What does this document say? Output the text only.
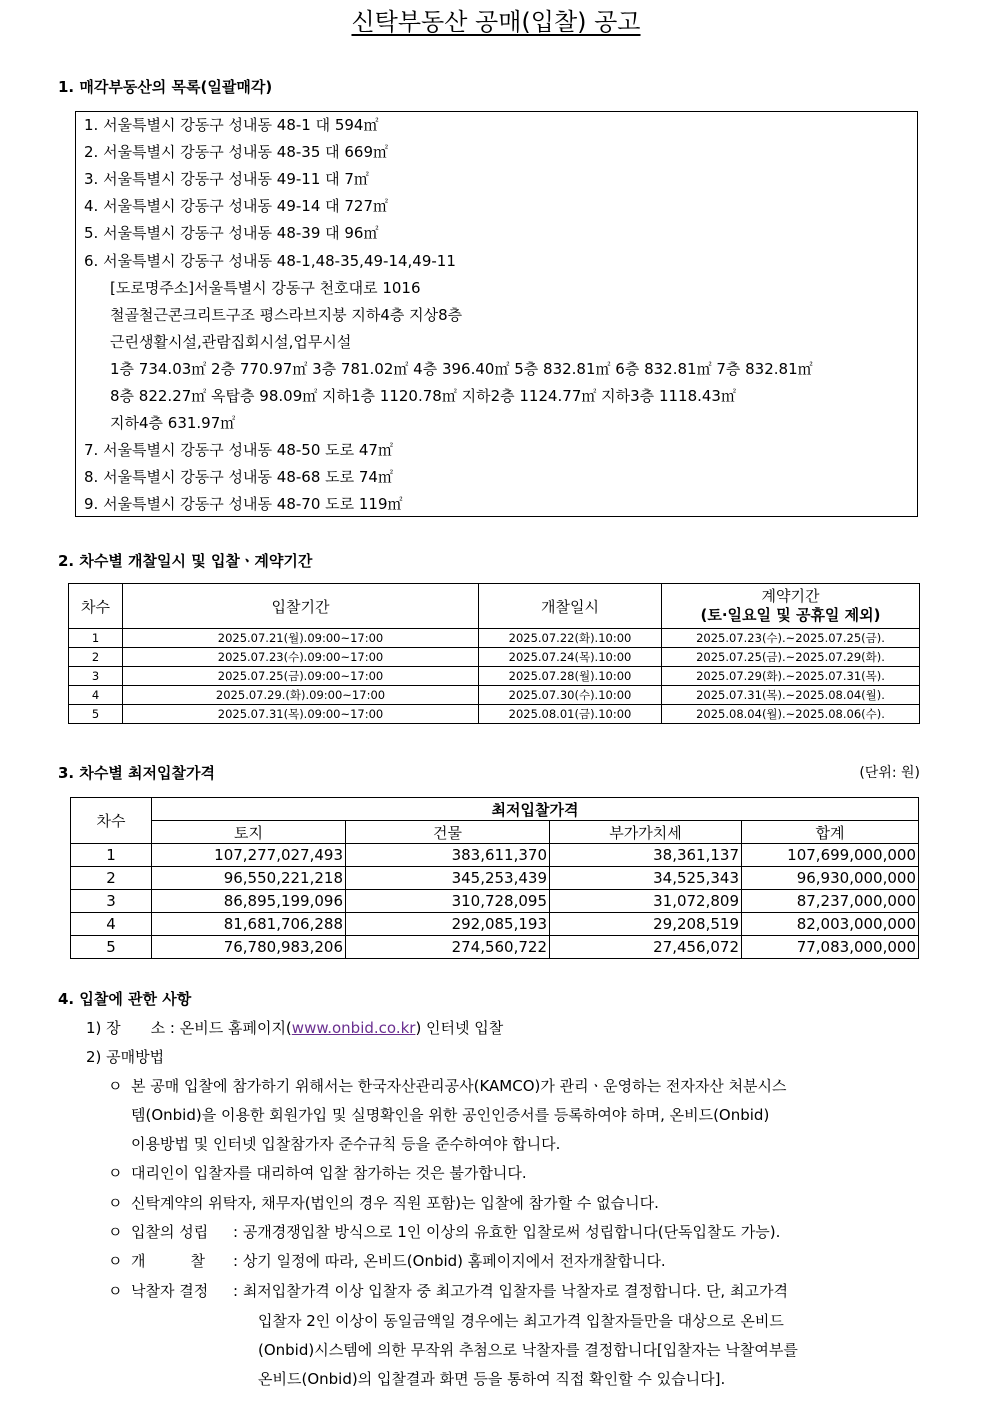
신탁부동산 공매(입찰) 공고
1. 매각부동산의 목록(일괄매각)
1. 서울특별시 강동구 성내동 48-1 대 594㎡
2. 서울특별시 강동구 성내동 48-35 대 669㎡
3. 서울특별시 강동구 성내동 49-11 대 7㎡
4. 서울특별시 강동구 성내동 49-14 대 727㎡
5. 서울특별시 강동구 성내동 48-39 대 96㎡
6. 서울특별시 강동구 성내동 48-1,48-35,49-14,49-11
[도로명주소]서울특별시 강동구 천호대로 1016
철골철근콘크리트구조 평스라브지붕 지하4층 지상8층
근린생활시설,관람집회시설,업무시설
1층 734.03㎡ 2층 770.97㎡ 3층 781.02㎡ 4층 396.40㎡ 5층 832.81㎡ 6층 832.81㎡ 7층 832.81㎡
8층 822.27㎡ 옥탑층 98.09㎡ 지하1층 1120.78㎡ 지하2층 1124.77㎡ 지하3층 1118.43㎡
지하4층 631.97㎡
7. 서울특별시 강동구 성내동 48-50 도로 47㎡
8. 서울특별시 강동구 성내동 48-68 도로 74㎡
9. 서울특별시 강동구 성내동 48-70 도로 119㎡
2. 차수별 개찰일시 및 입찰ㆍ계약기간
차수	입찰기간	개찰일시	계약기간
(토·일요일 및 공휴일 제외)

1	2025.07.21(월).09:00~17:00	2025.07.22(화).10:00	2025.07.23(수).~2025.07.25(금).
2	2025.07.23(수).09:00~17:00	2025.07.24(목).10:00	2025.07.25(금).~2025.07.29(화).
3	2025.07.25(금).09:00~17:00	2025.07.28(월).10:00	2025.07.29(화).~2025.07.31(목).
4	2025.07.29.(화).09:00~17:00	2025.07.30(수).10:00	2025.07.31(목).~2025.08.04(월).
5	2025.07.31(목).09:00~17:00	2025.08.01(금).10:00	2025.08.04(월).~2025.08.06(수).
3. 차수별 최저입찰가격	(단위: 원)
차수	최저입찰가격			
	토지	건물	부가가치세	합계
1	107,277,027,493	383,611,370	38,361,137	107,699,000,000
2	96,550,221,218	345,253,439	34,525,343	96,930,000,000
3	86,895,199,096	310,728,095	31,072,809	87,237,000,000
4	81,681,706,288	292,085,193	29,208,519	82,003,000,000
5	76,780,983,206	274,560,722	27,456,072	77,083,000,000
4. 입찰에 관한 사항
1) 장　　소 : 온비드 홈페이지(www.onbid.co.kr) 인터넷 입찰
2) 공매방법
ㅇ 본 공매 입찰에 참가하기 위해서는 한국자산관리공사(KAMCO)가 관리ㆍ운영하는 전자자산 처분시스
템(Onbid)을 이용한 회원가입 및 실명확인을 위한 공인인증서를 등록하여야 하며, 온비드(Onbid)
이용방법 및 인터넷 입찰참가자 준수규칙 등을 준수하여야 합니다.
ㅇ 대리인이 입찰자를 대리하여 입찰 참가하는 것은 불가합니다.
ㅇ 신탁계약의 위탁자, 채무자(법인의 경우 직원 포함)는 입찰에 참가할 수 없습니다.
ㅇ 입찰의 성립 : 공개경쟁입찰 방식으로 1인 이상의 유효한 입찰로써 성립합니다(단독입찰도 가능).
ㅇ 개　　　찰 : 상기 일정에 따라, 온비드(Onbid) 홈페이지에서 전자개찰합니다.
ㅇ 낙찰자 결정 : 최저입찰가격 이상 입찰자 중 최고가격 입찰자를 낙찰자로 결정합니다. 단, 최고가격
입찰자 2인 이상이 동일금액일 경우에는 최고가격 입찰자들만을 대상으로 온비드
(Onbid)시스템에 의한 무작위 추첨으로 낙찰자를 결정합니다[입찰자는 낙찰여부를
온비드(Onbid)의 입찰결과 화면 등을 통하여 직접 확인할 수 있습니다].
